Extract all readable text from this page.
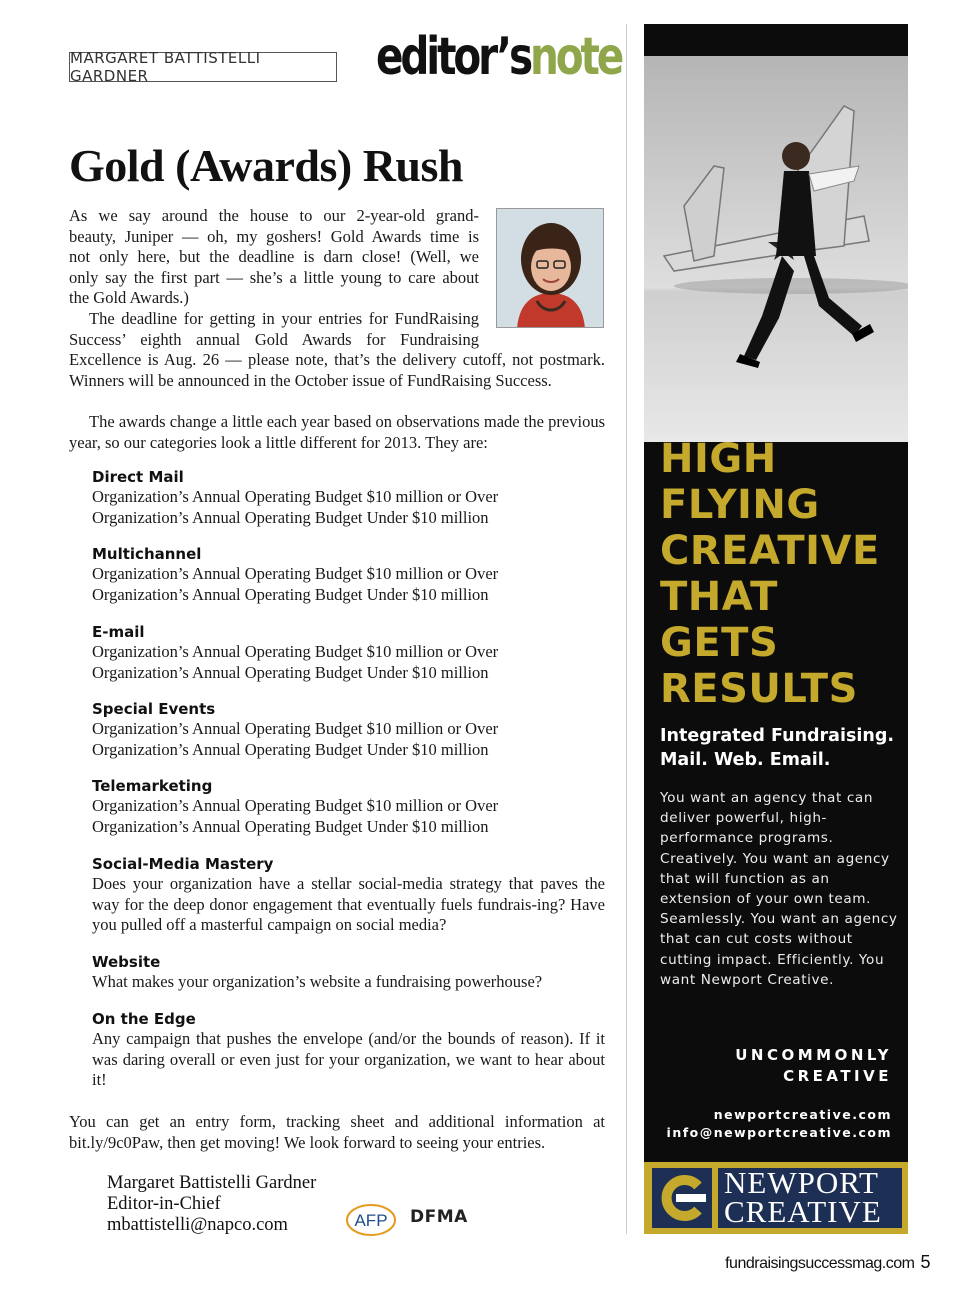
MARGARET BATTISTELLI GARDNER	editor’snote
Gold (Awards) Rush

As we say around the house to our 2-year-old grand-
beauty, Juniper — oh, my goshers! Gold Awards time is
not only here, but the deadline is darn close! (Well, we
only say the first part — she’s a little young to care about
the Gold Awards.)

The deadline for getting in your entries for FundRaising
Success’ eighth annual Gold Awards for Fundraising

Excellence is Aug. 26 — please note, that’s the delivery cutoff, not postmark. Winners will be announced in the October issue of FundRaising Success.

The awards change a little each year based on observations made the previous year, so our categories look a little different for 2013. They are:

Direct Mail
Organization’s Annual Operating Budget $10 million or Over
Organization’s Annual Operating Budget Under $10 million
Multichannel
Organization’s Annual Operating Budget $10 million or Over
Organization’s Annual Operating Budget Under $10 million
E-mail
Organization’s Annual Operating Budget $10 million or Over
Organization’s Annual Operating Budget Under $10 million
Special Events
Organization’s Annual Operating Budget $10 million or Over
Organization’s Annual Operating Budget Under $10 million
Telemarketing
Organization’s Annual Operating Budget $10 million or Over
Organization’s Annual Operating Budget Under $10 million
Social-Media Mastery
Does your organization have a stellar social-media strategy that paves the way for the deep donor engagement that eventually fuels fundrais-ing? Have you pulled off a masterful campaign on social media?
Website
What makes your organization’s website a fundraising powerhouse?
On the Edge
Any campaign that pushes the envelope (and/or the bounds of reason). If it was daring overall or even just for your organization, we want to hear about it!

You can get an entry form, tracking sheet and additional information at bit.ly/9c0Paw, then get moving! We look forward to seeing your entries.

Margaret Battistelli Gardner
Editor-in-Chief
mbattistelli@napco.com	AFP DFMA
fundraisingsuccessmag.com 5
HIGH
FLYING
CREATIVE
THAT
GETS
RESULTS
Integrated Fundraising.
Mail. Web. Email.

You want an agency that can deliver powerful, high-performance programs. Creatively. You want an agency that will function as an extension of your own team. Seamlessly. You want an agency that can cut costs without cutting impact. Efficiently. You want Newport Creative.

UNCOMMONLY
CREATIVE
newportcreative.com
info@newportcreative.com
NEWPORT
CREATIVE
